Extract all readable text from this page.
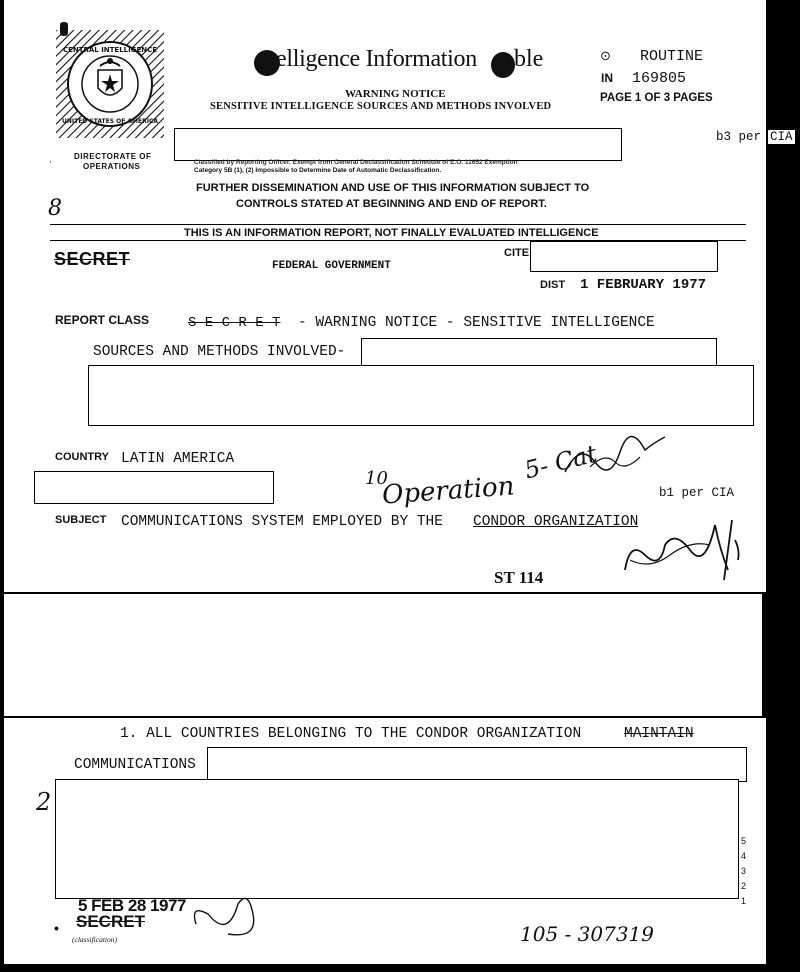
CENTRAL INTELLIGENCE
UNITED STATES OF AMERICA
DIRECTORATE OF
OPERATIONS
'
elligence Information ble
WARNING NOTICE
SENSITIVE INTELLIGENCE SOURCES AND METHODS INVOLVED
⊙ ROUTINE
IN 169805
PAGE 1 OF 3 PAGES
b3 per CIA
Classified by Reporting Officer. Exempt from General Declassification Schedule of E.O. 11652 Exemption
Category 5B (1), (2) Impossible to Determine Date of Automatic Declassification.
FURTHER DISSEMINATION AND USE OF THIS INFORMATION SUBJECT TO
CONTROLS STATED AT BEGINNING AND END OF REPORT.
8
THIS IS AN INFORMATION REPORT, NOT FINALLY EVALUATED INTELLIGENCE
SECRET	FEDERAL GOVERNMENT
CITE
DIST 1 FEBRUARY 1977
REPORT CLASS	S E C R E T - WARNING NOTICE - SENSITIVE INTELLIGENCE
SOURCES AND METHODS INVOLVED-
COUNTRY LATIN AMERICA
10
Operation
5- Cat
b1 per CIA
SUBJECT COMMUNICATIONS SYSTEM EMPLOYED BY THE CONDOR ORGANIZATION
ST 114
1. ALL COUNTRIES BELONGING TO THE CONDOR ORGANIZATION	MAINTAIN
COMMUNICATIONS
2
5
4
3
2
1
5 FEB 28 1977
SECRET
(classification)
•	105 - 307319
